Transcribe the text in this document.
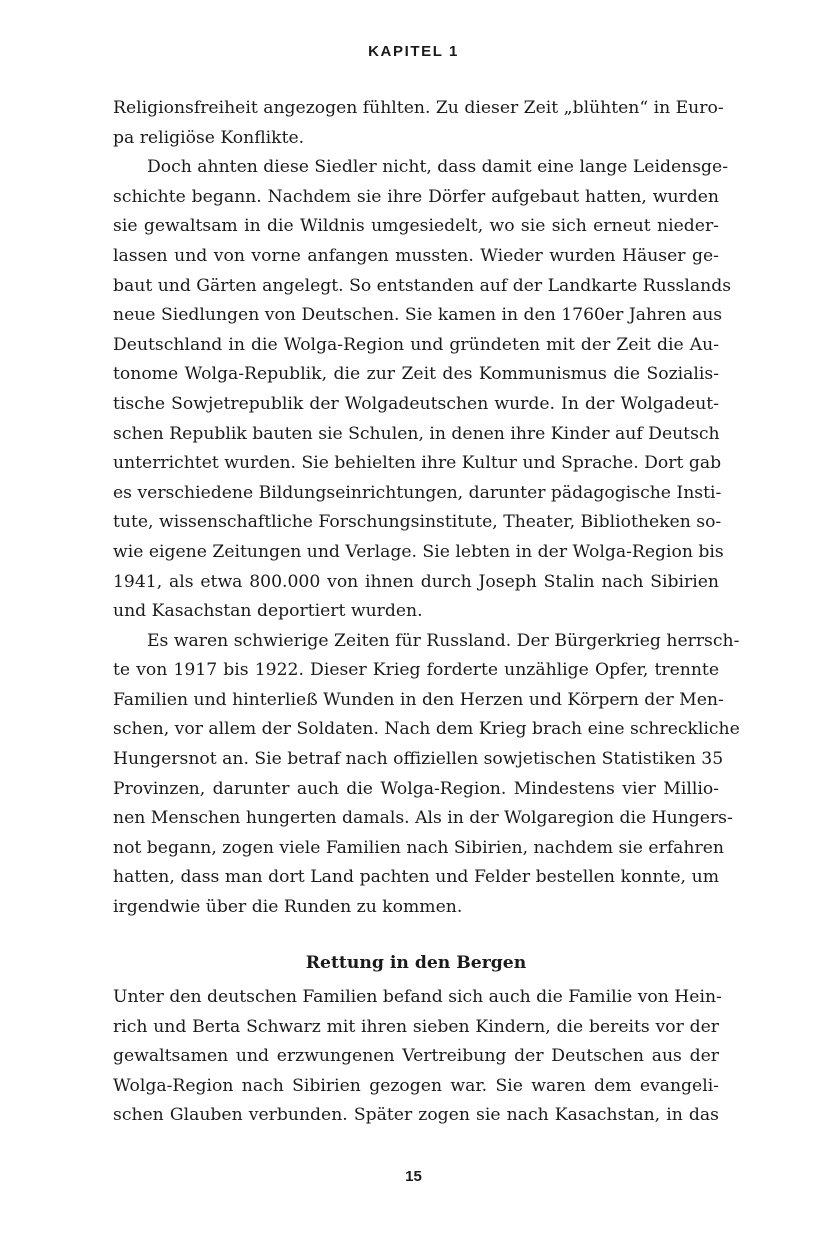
KAPITEL 1
Religionsfreiheit angezogen fühlten. Zu dieser Zeit „blühten“ in Euro-
pa religiöse Konflikte.
Doch ahnten diese Siedler nicht, dass damit eine lange Leidensge-
schichte begann. Nachdem sie ihre Dörfer aufgebaut hatten, wurden
sie gewaltsam in die Wildnis umgesiedelt, wo sie sich erneut nieder-
lassen und von vorne anfangen mussten. Wieder wurden Häuser ge-
baut und Gärten angelegt. So entstanden auf der Landkarte Russlands
neue Siedlungen von Deutschen. Sie kamen in den 1760er Jahren aus
Deutschland in die Wolga-Region und gründeten mit der Zeit die Au-
tonome Wolga-Republik, die zur Zeit des Kommunismus die Sozialis-
tische Sowjetrepublik der Wolgadeutschen wurde. In der Wolgadeut-
schen Republik bauten sie Schulen, in denen ihre Kinder auf Deutsch
unterrichtet wurden. Sie behielten ihre Kultur und Sprache. Dort gab
es verschiedene Bildungseinrichtungen, darunter pädagogische Insti-
tute, wissenschaftliche Forschungsinstitute, Theater, Bibliotheken so-
wie eigene Zeitungen und Verlage. Sie lebten in der Wolga-Region bis
1941, als etwa 800.000 von ihnen durch Joseph Stalin nach Sibirien
und Kasachstan deportiert wurden.
Es waren schwierige Zeiten für Russland. Der Bürgerkrieg herrsch-
te von 1917 bis 1922. Dieser Krieg forderte unzählige Opfer, trennte
Familien und hinterließ Wunden in den Herzen und Körpern der Men-
schen, vor allem der Soldaten. Nach dem Krieg brach eine schreckliche
Hungersnot an. Sie betraf nach offiziellen sowjetischen Statistiken 35
Provinzen, darunter auch die Wolga-Region. Mindestens vier Millio-
nen Menschen hungerten damals. Als in der Wolgaregion die Hungers-
not begann, zogen viele Familien nach Sibirien, nachdem sie erfahren
hatten, dass man dort Land pachten und Felder bestellen konnte, um
irgendwie über die Runden zu kommen.
Rettung in den Bergen
Unter den deutschen Familien befand sich auch die Familie von Hein-
rich und Berta Schwarz mit ihren sieben Kindern, die bereits vor der
gewaltsamen und erzwungenen Vertreibung der Deutschen aus der
Wolga-Region nach Sibirien gezogen war. Sie waren dem evangeli-
schen Glauben verbunden. Später zogen sie nach Kasachstan, in das
15
